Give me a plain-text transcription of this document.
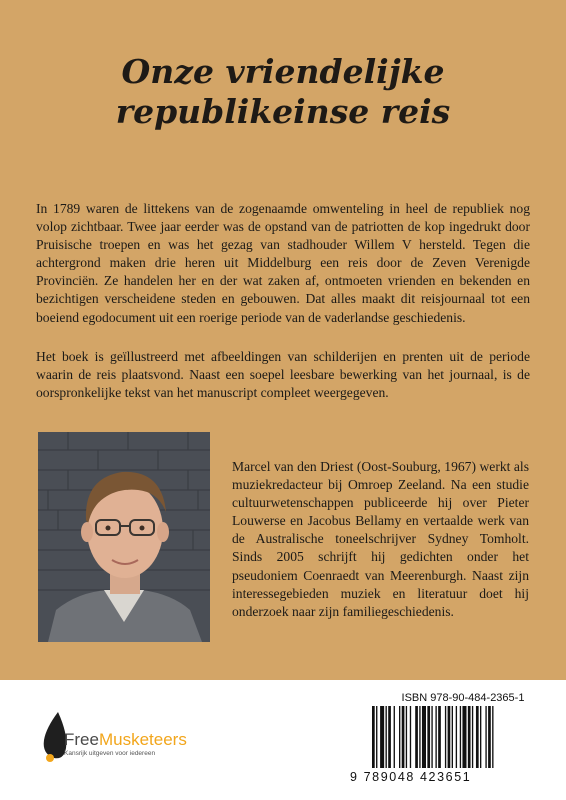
Onze vriendelijke
republikeinse reis

In 1789 waren de littekens van de zogenaamde omwenteling in heel de republiek nog volop zichtbaar. Twee jaar eerder was de opstand van de patriotten de kop ingedrukt door Pruisische troepen en was het gezag van stadhouder Willem V hersteld. Tegen die achtergrond maken drie heren uit Middelburg een reis door de Zeven Verenigde Provinciën. Ze handelen her en der wat zaken af, ontmoeten vrienden en bekenden en bezichtigen verscheidene steden en gebouwen. Dat alles maakt dit reisjournaal tot een boeiend egodocument uit een roerige periode van de vaderlandse geschiedenis.

Het boek is geïllustreerd met afbeeldingen van schilderijen en prenten uit de periode waarin de reis plaatsvond. Naast een soepel leesbare bewerking van het journaal, is de oorspronkelijke tekst van het manuscript compleet weergegeven.

Marcel van den Driest (Oost-Souburg, 1967) werkt als muziekredacteur bij Omroep Zeeland. Na een studie cultuurwetenschappen publiceerde hij over Pieter Louwerse en Jacobus Bellamy en vertaalde werk van de Australische toneelschrijver Sydney Tomholt. Sinds 2005 schrijft hij gedichten onder het pseudoniem Coenraedt van Meerenburgh. Naast zijn interessegebieden muziek en literatuur doet hij onderzoek naar zijn familiegeschiedenis.

FreeMusketeers
Kansrijk uitgeven voor iedereen
ISBN 978-90-484-2365-1
9 789048 423651
